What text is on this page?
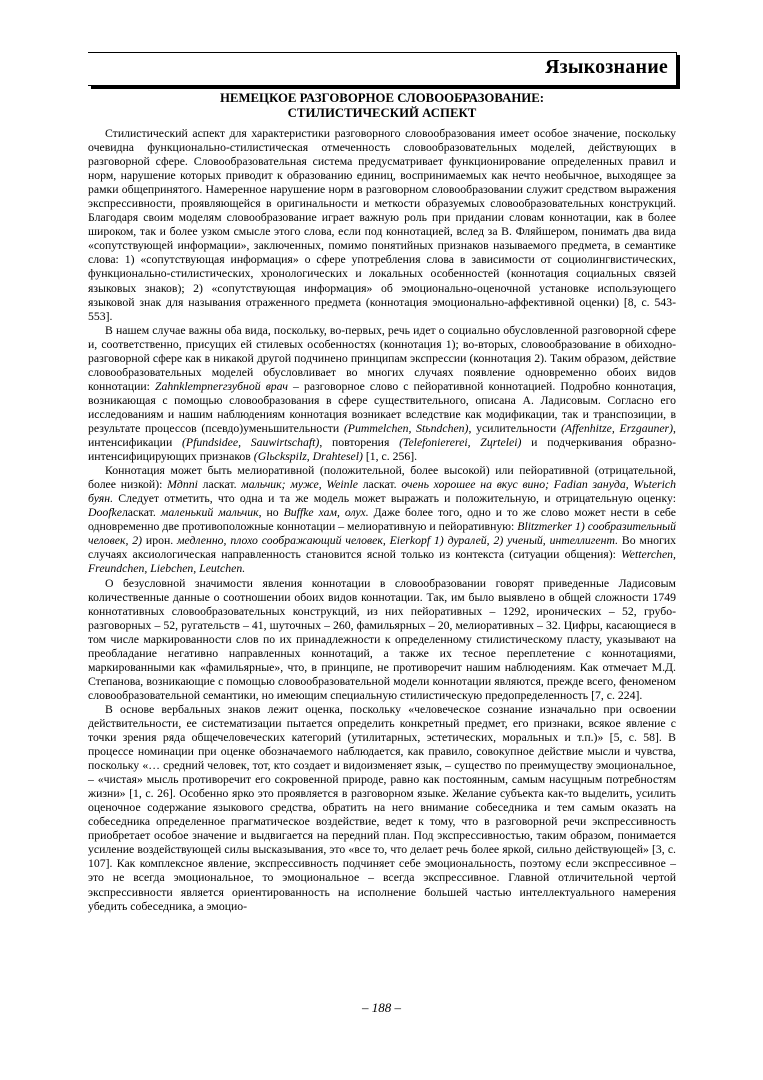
Языкознание
НЕМЕЦКОЕ РАЗГОВОРНОЕ СЛОВООБРАЗОВАНИЕ:
СТИЛИСТИЧЕСКИЙ АСПЕКТ

Стилистический аспект для характеристики разговорного словообразования имеет особое значение, поскольку очевидна функционально-стилистическая отмеченность словообразовательных моделей, действующих в разговорной сфере. Словообразовательная система предусматривает функционирование определенных правил и норм, нарушение которых приводит к образованию единиц, воспринимаемых как нечто необычное, выходящее за рамки общепринятого. Намеренное нарушение норм в разговорном словообразовании служит средством выражения экспрессивности, проявляющейся в оригинальности и меткости образуемых словообразовательных конструкций. Благодаря своим моделям словообразование играет важную роль при придании словам коннотации, как в более широком, так и более узком смысле этого слова, если под коннотацией, вслед за В. Фляйшером, понимать два вида «сопутствующей информации», заключенных, помимо понятийных признаков называемого предмета, в семантике слова: 1) «сопутствующая информация» о сфере употребления слова в зависимости от социолингвистических, функционально-стилистических, хронологических и локальных особенностей (коннотация социальных связей языковых знаков); 2) «сопутствующая информация» об эмоционально-оценочной установке использующего языковой знак для называния отраженного предмета (коннотация эмоционально-аффективной оценки) [8, с. 543-553].

В нашем случае важны оба вида, поскольку, во-первых, речь идет о социально обусловленной разговорной сфере и, соответственно, присущих ей стилевых особенностях (коннотация 1); во-вторых, словообразование в обиходно-разговорной сфере как в никакой другой подчинено принципам экспрессии (коннотация 2). Таким образом, действие словообразовательных моделей обусловливает во многих случаях появление одновременно обоих видов коннотации: Zahnklempnerгзубной врач – разговорное слово с пейоративной коннотацией. Подробно коннотация, возникающая с помощью словообразования в сфере существительного, описана А. Ладисовым. Согласно его исследованиям и нашим наблюдениям коннотация возникает вследствие как модификации, так и транспозиции, в результате процессов (псевдо)уменьшительности (Pummelchen, Stьndchen), усилительности (Affenhitze, Erzgauner), интенсификации (Pfundsidee, Sauwirtschaft), повторения (Telefonierereі, Zцrtelei) и подчеркивания образно-интенсифицирующих признаков (Glьckspilz, Drahtesel) [1, с. 256].

Коннотация может быть мелиоративной (положительной, более высокой) или пейоративной (отрицательной, более низкой): Mдnnі ласкат. мальчик; муже, Weinle ласкат. очень хорошее на вкус вино; Fadian зануда, Wьterich буян. Следует отметить, что одна и та же модель может выражать и положительную, и отрицательную оценку: Doofkeласкат. маленький мальчик, но Buffke хам, олух. Даже более того, одно и то же слово может нести в себе одновременно две противоположные коннотации – мелиоративную и пейоративную: Blitzmerker 1) сообразительный человек, 2) ирон. медленно, плохо соображающий человек, Eierkopf 1) дуралей, 2) ученый, интеллигент. Во многих случаях аксиологическая направленность становится ясной только из контекста (ситуации общения): Wetterchen, Freundchen, Liebchen, Leutchen.

О безусловной значимости явления коннотации в словообразовании говорят приведенные Ладисовым количественные данные о соотношении обоих видов коннотации. Так, им было выявлено в общей сложности 1749 коннотативных словообразовательных конструкций, из них пейоративных – 1292, иронических – 52, грубо-разговорных – 52, ругательств – 41, шуточных – 260, фамильярных – 20, мелиоративных – 32. Цифры, касающиеся в том числе маркированности слов по их принадлежности к определенному стилистическому пласту, указывают на преобладание негативно направленных коннотаций, а также их тесное переплетение с коннотациями, маркированными как «фамильярные», что, в принципе, не противоречит нашим наблюдениям. Как отмечает М.Д. Степанова, возникающие с помощью словообразовательной модели коннотации являются, прежде всего, феноменом словообразовательной семантики, но имеющим специальную стилистическую предопределенность [7, с. 224].

В основе вербальных знаков лежит оценка, поскольку «человеческое сознание изначально при освоении действительности, ее систематизации пытается определить конкретный предмет, его признаки, всякое явление с точки зрения ряда общечеловеческих категорий (утилитарных, эстетических, моральных и т.п.)» [5, с. 58]. В процессе номинации при оценке обозначаемого наблюдается, как правило, совокупное действие мысли и чувства, поскольку «… средний человек, тот, кто создает и видоизменяет язык, – существо по преимуществу эмоциональное, – «чистая» мысль противоречит его сокровенной природе, равно как постоянным, самым насущным потребностям жизни» [1, с. 26]. Особенно ярко это проявляется в разговорном языке. Желание субъекта как-то выделить, усилить оценочное содержание языкового средства, обратить на него внимание собеседника и тем самым оказать на собеседника определенное прагматическое воздействие, ведет к тому, что в разговорной речи экспрессивность приобретает особое значение и выдвигается на передний план. Под экспрессивностью, таким образом, понимается усиление воздействующей силы высказывания, это «все то, что делает речь более яркой, сильно действующей» [3, с. 107]. Как комплексное явление, экспрессивность подчиняет себе эмоциональность, поэтому если экспрессивное – это не всегда эмоциональное, то эмоциональное – всегда экспрессивное. Главной отличительной чертой экспрессивности является ориентированность на исполнение большей частью интеллектуального намерения убедить собеседника, а эмоцио-

– 188 –
